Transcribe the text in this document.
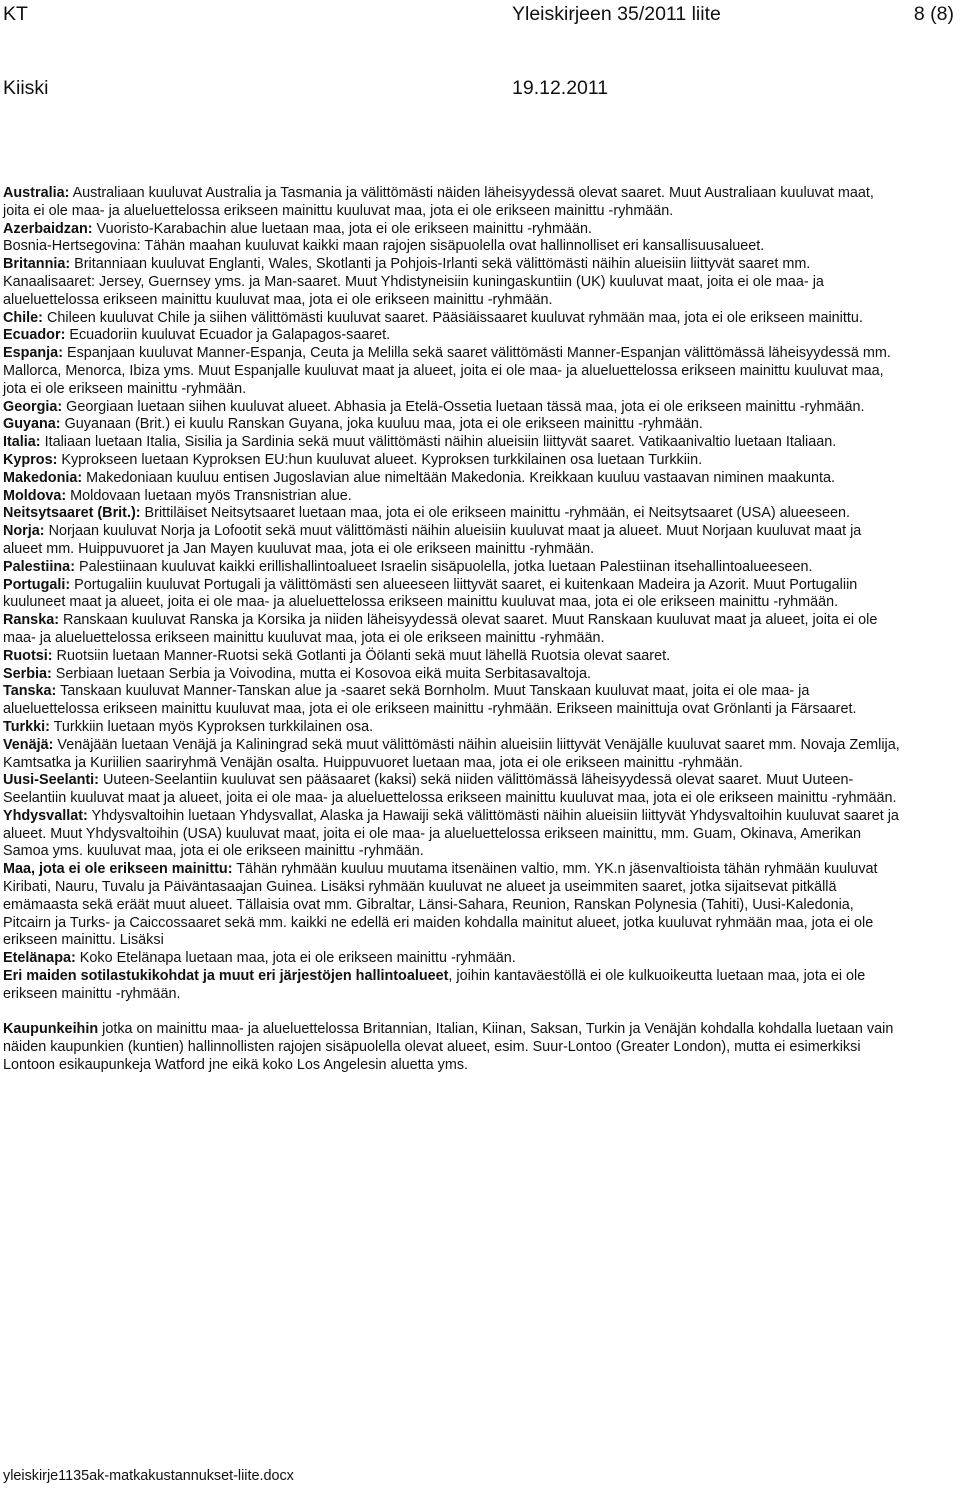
KT	Yleiskirjeen 35/2011 liite	8 (8)
Kiiski	19.12.2011

Australia: Australiaan kuuluvat Australia ja Tasmania ja välittömästi näiden läheisyydessä olevat saaret. Muut Australiaan kuuluvat maat, joita ei ole maa- ja alueluettelossa erikseen mainittu kuuluvat maa, jota ei ole erikseen mainittu -ryhmään.

Azerbaidzan: Vuoristo-Karabachin alue luetaan maa, jota ei ole erikseen mainittu -ryhmään.

Bosnia-Hertsegovina: Tähän maahan kuuluvat kaikki maan rajojen sisäpuolella ovat hallinnolliset eri kansallisuusalueet.

Britannia: Britanniaan kuuluvat Englanti, Wales, Skotlanti ja Pohjois-Irlanti sekä välittömästi näihin alueisiin liittyvät saaret mm. Kanaalisaaret: Jersey, Guernsey yms. ja Man-saaret. Muut Yhdistyneisiin kuningaskuntiin (UK) kuuluvat maat, joita ei ole maa- ja alueluettelossa erikseen mainittu kuuluvat maa, jota ei ole erikseen mainittu -ryhmään.

Chile: Chileen kuuluvat Chile ja siihen välittömästi kuuluvat saaret. Pääsiäissaaret kuuluvat ryhmään maa, jota ei ole erikseen mainittu.

Ecuador: Ecuadoriin kuuluvat Ecuador ja Galapagos-saaret.

Espanja: Espanjaan kuuluvat Manner-Espanja, Ceuta ja Melilla sekä saaret välittömästi Manner-Espanjan välittömässä läheisyydessä mm. Mallorca, Menorca, Ibiza yms. Muut Espanjalle kuuluvat maat ja alueet, joita ei ole maa- ja alueluettelossa erikseen mainittu kuuluvat maa, jota ei ole erikseen mainittu -ryhmään.

Georgia: Georgiaan luetaan siihen kuuluvat alueet. Abhasia ja Etelä-Ossetia luetaan tässä maa, jota ei ole erikseen mainittu -ryhmään.

Guyana: Guyanaan (Brit.) ei kuulu Ranskan Guyana, joka kuuluu maa, jota ei ole erikseen mainittu -ryhmään.

Italia: Italiaan luetaan Italia, Sisilia ja Sardinia sekä muut välittömästi näihin alueisiin liittyvät saaret. Vatikaanivaltio luetaan Italiaan.

Kypros: Kyprokseen luetaan Kyproksen EU:hun kuuluvat alueet. Kyproksen turkkilainen osa luetaan Turkkiin.

Makedonia: Makedoniaan kuuluu entisen Jugoslavian alue nimeltään Makedonia. Kreikkaan kuuluu vastaavan niminen maakunta.

Moldova: Moldovaan luetaan myös Transnistrian alue.

Neitsytsaaret (Brit.): Brittiläiset Neitsytsaaret luetaan maa, jota ei ole erikseen mainittu -ryhmään, ei Neitsytsaaret (USA) alueeseen.

Norja: Norjaan kuuluvat Norja ja Lofootit sekä muut välittömästi näihin alueisiin kuuluvat maat ja alueet. Muut Norjaan kuuluvat maat ja alueet mm. Huippuvuoret ja Jan Mayen kuuluvat maa, jota ei ole erikseen mainittu -ryhmään.

Palestiina: Palestiinaan kuuluvat kaikki erillishallintoalueet Israelin sisäpuolella, jotka luetaan Palestiinan itsehallintoalueeseen.

Portugali: Portugaliin kuuluvat Portugali ja välittömästi sen alueeseen liittyvät saaret, ei kuitenkaan Madeira ja Azorit. Muut Portugaliin kuuluneet maat ja alueet, joita ei ole maa- ja alueluettelossa erikseen mainittu kuuluvat maa, jota ei ole erikseen mainittu -ryhmään.

Ranska: Ranskaan kuuluvat Ranska ja Korsika ja niiden läheisyydessä olevat saaret. Muut Ranskaan kuuluvat maat ja alueet, joita ei ole maa- ja alueluettelossa erikseen mainittu kuuluvat maa, jota ei ole erikseen mainittu -ryhmään.

Ruotsi: Ruotsiin luetaan Manner-Ruotsi sekä Gotlanti ja Öölanti sekä muut lähellä Ruotsia olevat saaret.

Serbia: Serbiaan luetaan Serbia ja Voivodina, mutta ei Kosovoa eikä muita Serbitasavaltoja.

Tanska: Tanskaan kuuluvat Manner-Tanskan alue ja -saaret sekä Bornholm. Muut Tanskaan kuuluvat maat, joita ei ole maa- ja alueluettelossa erikseen mainittu kuuluvat maa, jota ei ole erikseen mainittu -ryhmään. Erikseen mainittuja ovat Grönlanti ja Färsaaret.

Turkki: Turkkiin luetaan myös Kyproksen turkkilainen osa.

Venäjä: Venäjään luetaan Venäjä ja Kaliningrad sekä muut välittömästi näihin alueisiin liittyvät Venäjälle kuuluvat saaret mm. Novaja Zemlija, Kamtsatka ja Kuriilien saariryhmä Venäjän osalta. Huippuvuoret luetaan maa, jota ei ole erikseen mainittu -ryhmään.

Uusi-Seelanti: Uuteen-Seelantiin kuuluvat sen pääsaaret (kaksi) sekä niiden välittömässä läheisyydessä olevat saaret. Muut Uuteen-Seelantiin kuuluvat maat ja alueet, joita ei ole maa- ja alueluettelossa erikseen mainittu kuuluvat maa, jota ei ole erikseen mainittu -ryhmään.

Yhdysvallat: Yhdysvaltoihin luetaan Yhdysvallat, Alaska ja Hawaiji sekä välittömästi näihin alueisiin liittyvät Yhdysvaltoihin kuuluvat saaret ja alueet. Muut Yhdysvaltoihin (USA) kuuluvat maat, joita ei ole maa- ja alueluettelossa erikseen mainittu, mm. Guam, Okinava, Amerikan Samoa yms. kuuluvat maa, jota ei ole erikseen mainittu -ryhmään.

Maa, jota ei ole erikseen mainittu: Tähän ryhmään kuuluu muutama itsenäinen valtio, mm. YK.n jäsenvaltioista tähän ryhmään kuuluvat Kiribati, Nauru, Tuvalu ja Päiväntasaajan Guinea. Lisäksi ryhmään kuuluvat ne alueet ja useimmiten saaret, jotka sijaitsevat pitkällä emämaasta sekä eräät muut alueet. Tällaisia ovat mm. Gibraltar, Länsi-Sahara, Reunion, Ranskan Polynesia (Tahiti), Uusi-Kaledonia, Pitcairn ja Turks- ja Caiccossaaret sekä mm. kaikki ne edellä eri maiden kohdalla mainitut alueet, jotka kuuluvat ryhmään maa, jota ei ole erikseen mainittu. Lisäksi

Etelänapa: Koko Etelänapa luetaan maa, jota ei ole erikseen mainittu -ryhmään.

Eri maiden sotilastukikohdat ja muut eri järjestöjen hallintoalueet, joihin kantaväestöllä ei ole kulkuoikeutta luetaan maa, jota ei ole erikseen mainittu -ryhmään.

Kaupunkeihin jotka on mainittu maa- ja alueluettelossa Britannian, Italian, Kiinan, Saksan, Turkin ja Venäjän kohdalla kohdalla luetaan vain näiden kaupunkien (kuntien) hallinnollisten rajojen sisäpuolella olevat alueet, esim. Suur-Lontoo (Greater London), mutta ei esimerkiksi Lontoon esikaupunkeja Watford jne eikä koko Los Angelesin aluetta yms.

yleiskirje1135ak-matkakustannukset-liite.docx
